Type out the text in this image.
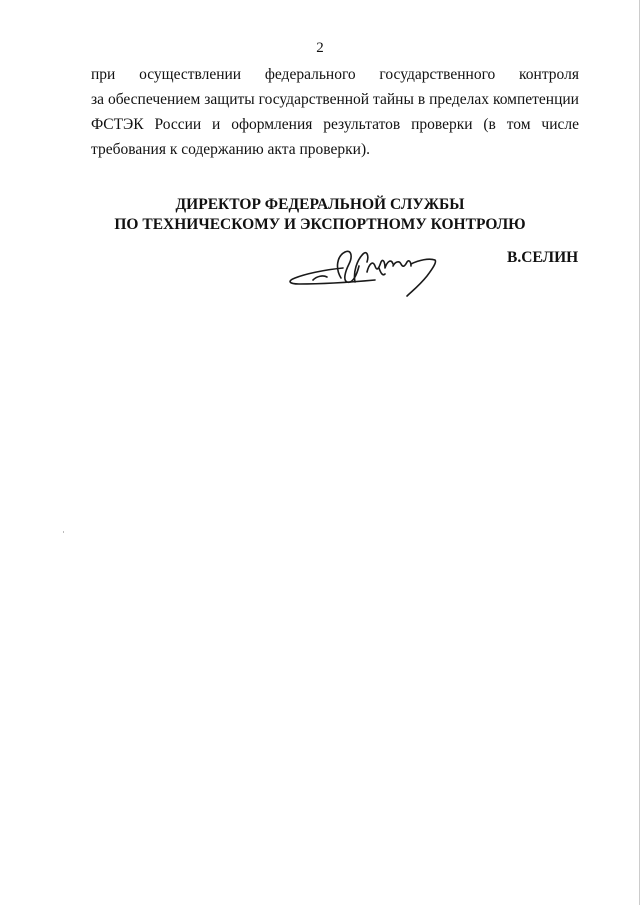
2
при осуществлении федерального государственного контроля
за обеспечением защиты государственной тайны в пределах компетенции
ФСТЭК России и оформления результатов проверки (в том числе
требования к содержанию акта проверки).
ДИРЕКТОР ФЕДЕРАЛЬНОЙ СЛУЖБЫ
ПО ТЕХНИЧЕСКОМУ И ЭКСПОРТНОМУ КОНТРОЛЮ
В.СЕЛИН
